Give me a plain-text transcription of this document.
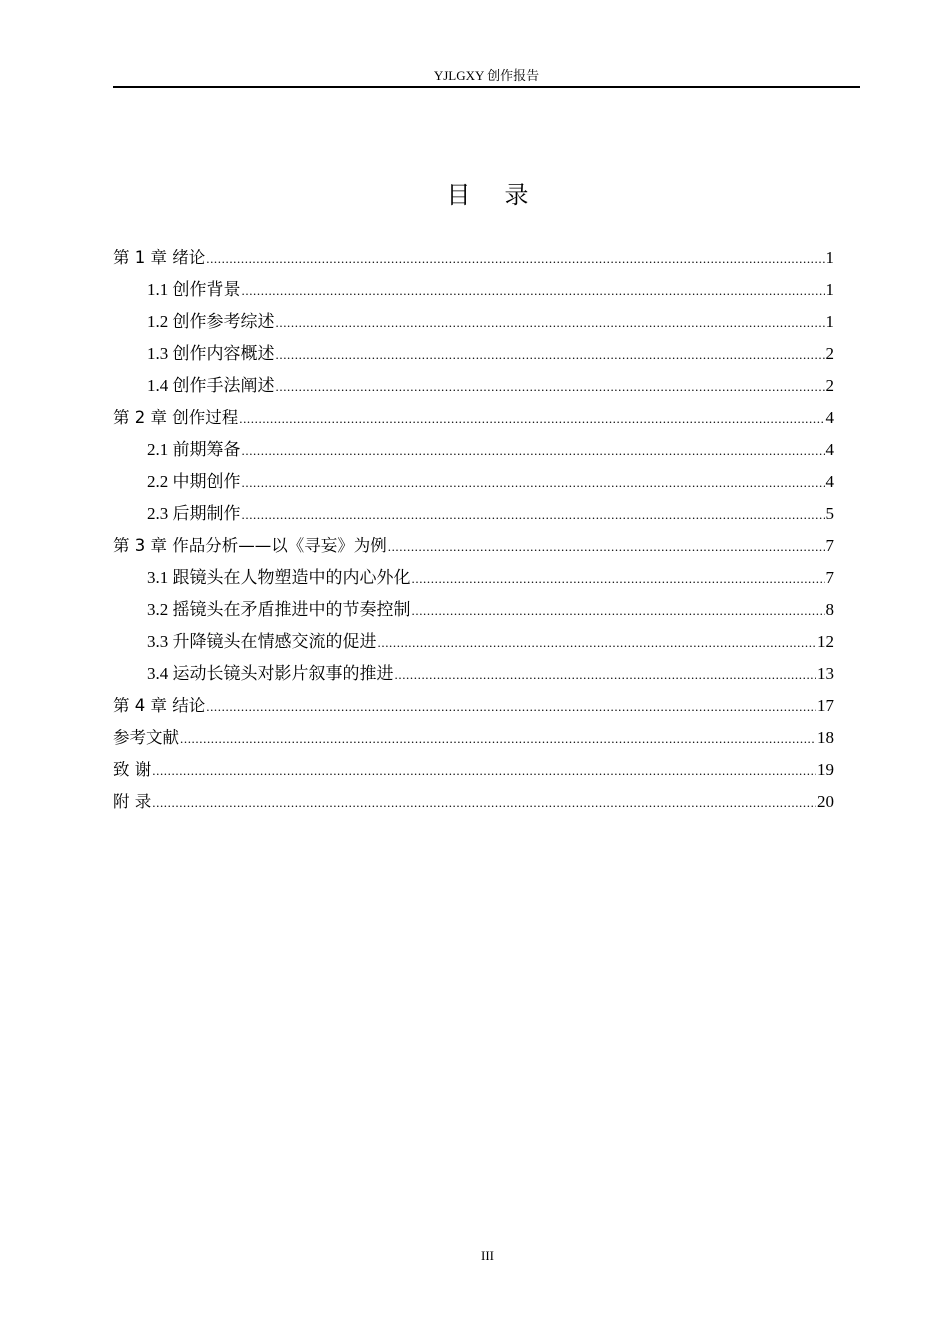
YJLGXY 创作报告
目 录
第 1 章 绪论 .....	1
1.1 创作背景 .....	1
1.2 创作参考综述 .....	1
1.3 创作内容概述 .....	2
1.4 创作手法阐述 .....	2
第 2 章 创作过程 .....	4
2.1 前期筹备 .....	4
2.2 中期创作 .....	4
2.3 后期制作 .....	5
第 3 章 作品分析——以《寻妄》为例 .....	7
3.1 跟镜头在人物塑造中的内心外化 .....	7
3.2 摇镜头在矛盾推进中的节奏控制 .....	8
3.3 升降镜头在情感交流的促进 .....	12
3.4 运动长镜头对影片叙事的推进 .....	13
第 4 章 结论 .....	17
参考文献 .....	18
致 谢 .....	19
附 录 .....	20
III
